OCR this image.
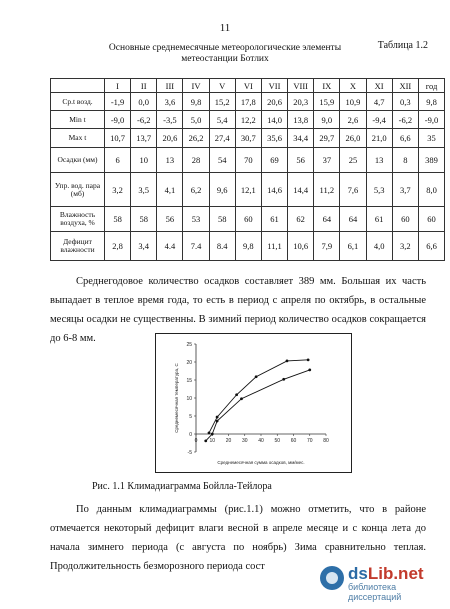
11
Таблица 1.2
Основные среднемесячные метеорологические элементы
метеостанции Ботлих
	I	II	III	IV	V	VI	VII	VIII	IX	X	XI	XII	год
Ср.t возд.	-1,9	0,0	3,6	9,8	15,2	17,8	20,6	20,3	15,9	10,9	4,7	0,3	9,8
Min t	-9,0	-6,2	-3,5	5,0	5,4	12,2	14,0	13,8	9,0	2,6	-9,4	-6,2	-9,0
Max t	10,7	13,7	20,6	26,2	27,4	30,7	35,6	34,4	29,7	26,0	21,0	6,6	35
Осадки (мм)	6	10	13	28	54	70	69	56	37	25	13	8	389
Упр. вод. пара (мб)	3,2	3,5	4,1	6,2	9,6	12,1	14,6	14,4	11,2	7,6	5,3	3,7	8,0
Влажность воздуха, %	58	58	56	53	58	60	61	62	64	64	61	60	60
Дефицит влажности	2,8	3,4	4.4	7.4	8.4	9,8	11,1	10,6	7,9	6,1	4,0	3,2	6,6
Среднегодовое количество осадков составляет 389 мм. Большая их часть выпадает в теплое время года, то есть в период с апреля по октябрь, в остальные месяцы осадки не существенны. В зимний период количество осадков сокращается до 6-8 мм.
0 10 20 30 40 50 60 70 80
-5
0
5
10
15
20
25
Среднемесячная сумма осадков, мм/мес.
Среднемесячная температура, С
Рис. 1.1 Климадиаграмма Бойлла-Тейлора
По данным климадиаграммы (рис.1.1) можно отметить, что в районе отмечается некоторый дефицит влаги весной в апреле месяце и с конца лета до начала зимнего периода (с августа по ноябрь) Зима сравнительно теплая. Продолжительность безморозного периода сост	dsLib.net
библиотека диссертаций
